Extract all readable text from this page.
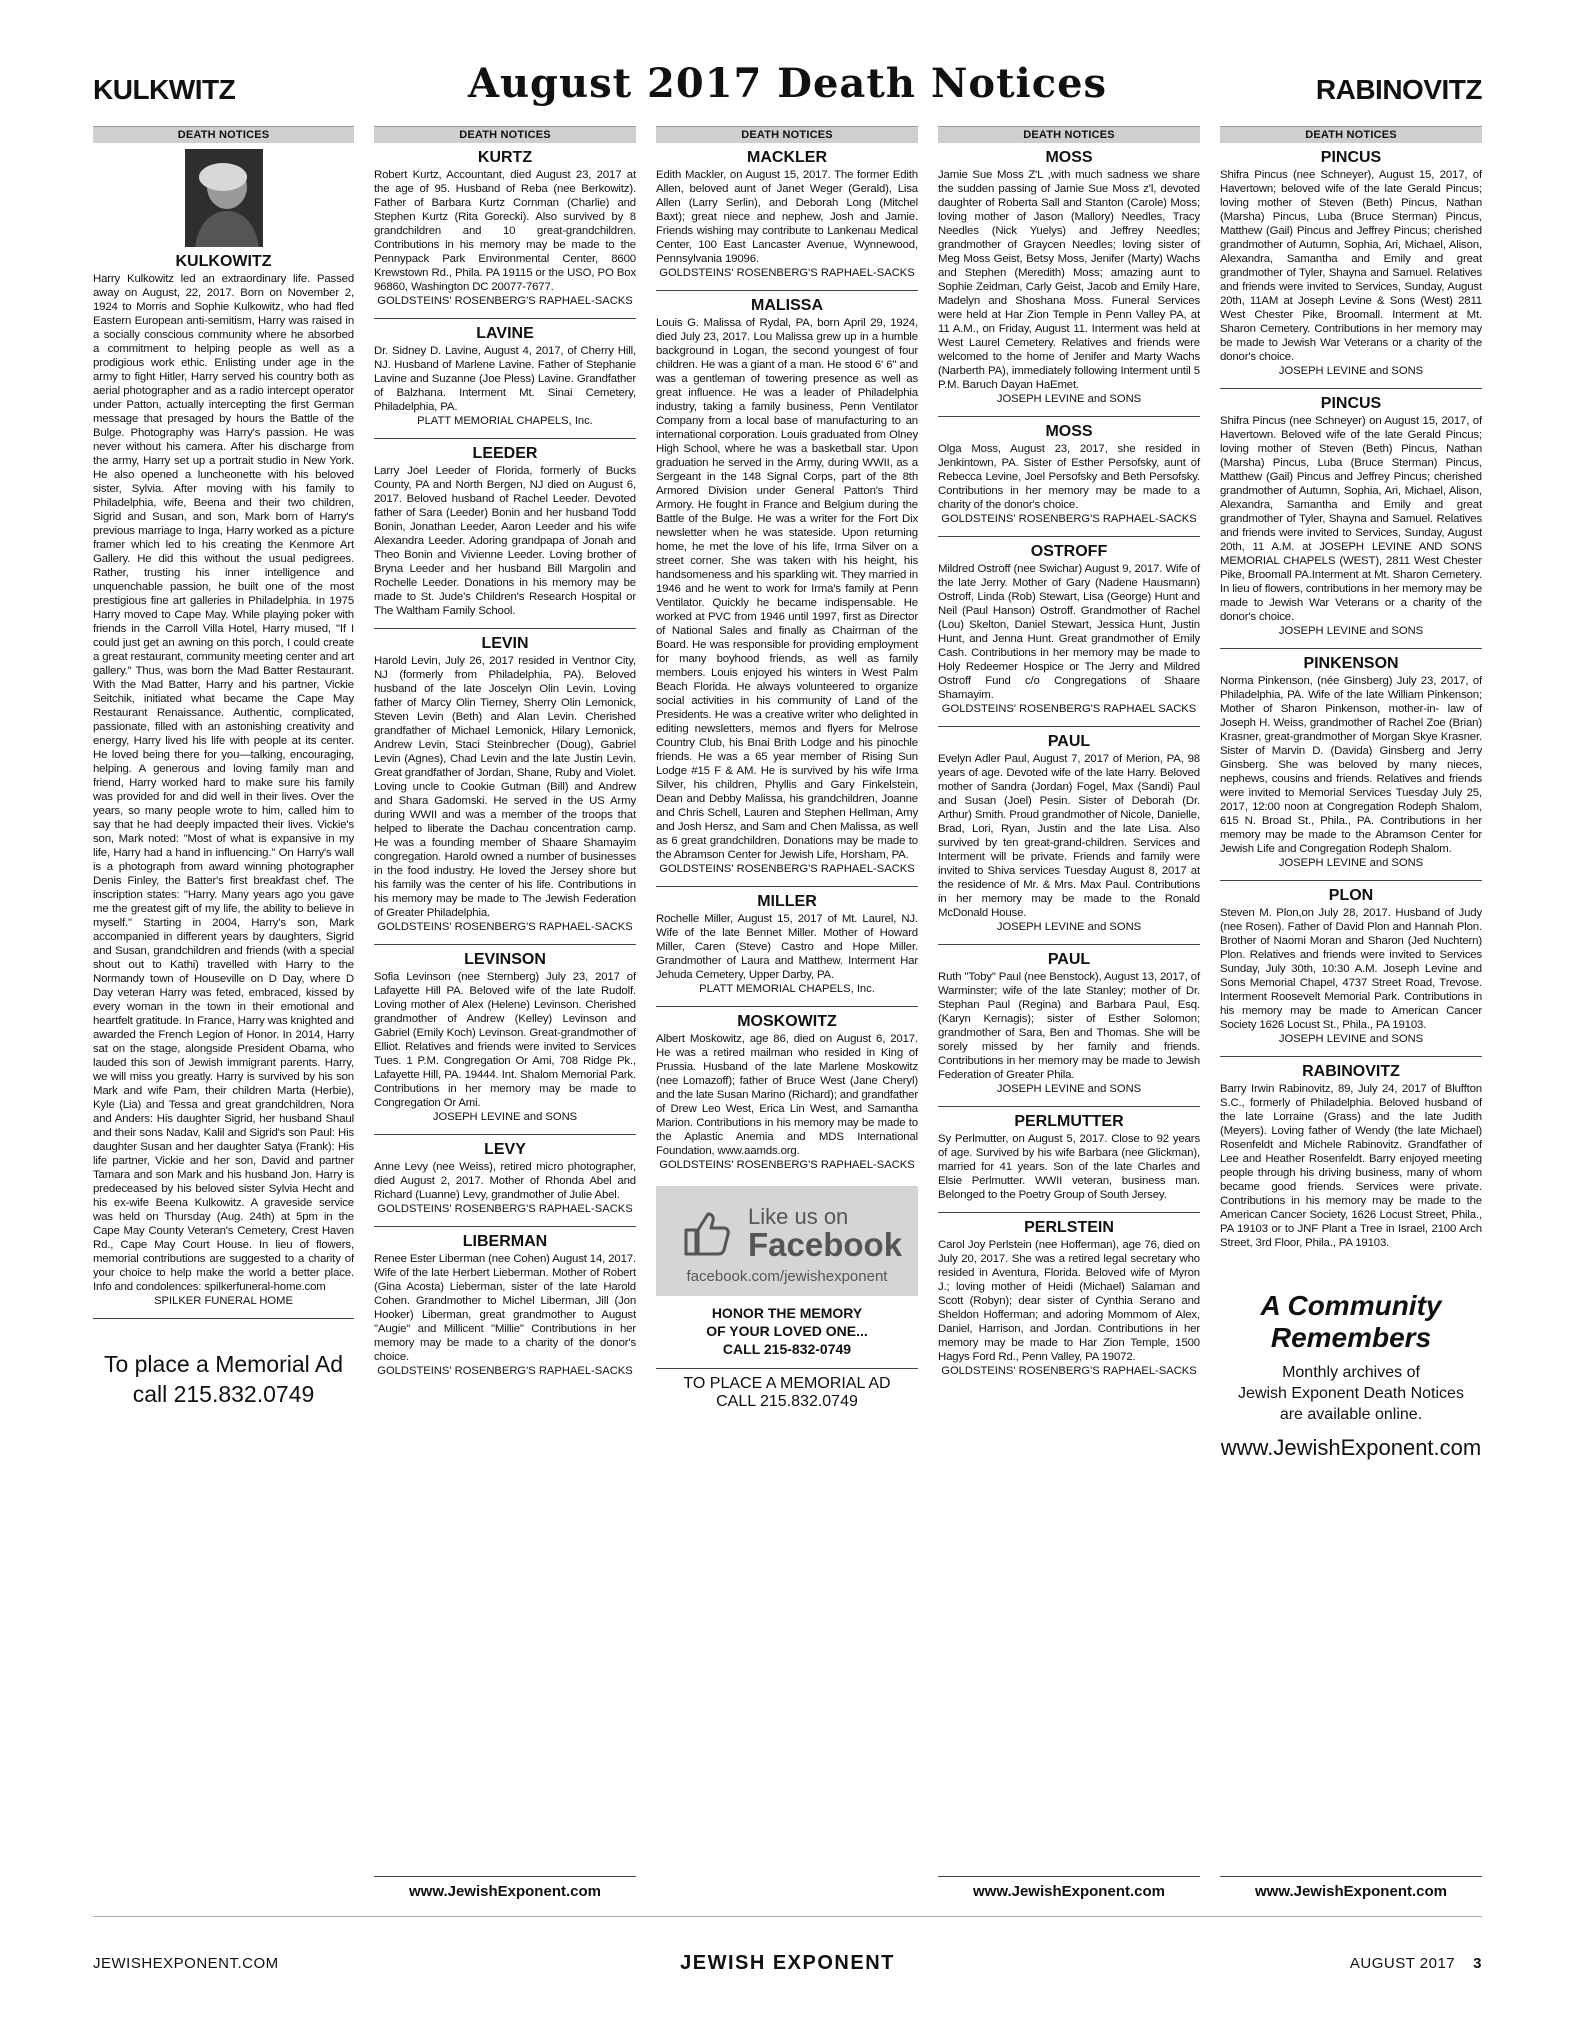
KULKWITZ	August 2017 Death Notices	RABINOVITZ
DEATH NOTICES
KULKOWITZ
Harry Kulkowitz led an extraordinary life. Passed away on August, 22, 2017. Born on November 2, 1924 to Morris and Sophie Kulkowitz, who had fled Eastern European anti-semitism, Harry was raised in a socially conscious community where he absorbed a commitment to helping people as well as a prodigious work ethic. Enlisting under age in the army to fight Hitler, Harry served his country both as aerial photographer and as a radio intercept operator under Patton, actually intercepting the first German message that presaged by hours the Battle of the Bulge. Photography was Harry's passion. He was never without his camera. After his discharge from the army, Harry set up a portrait studio in New York. He also opened a luncheonette with his beloved sister, Sylvia. After moving with his family to Philadelphia, wife, Beena and their two children, Sigrid and Susan, and son, Mark born of Harry's previous marriage to Inga, Harry worked as a picture framer which led to his creating the Kenmore Art Gallery. He did this without the usual pedigrees. Rather, trusting his inner intelligence and unquenchable passion, he built one of the most prestigious fine art galleries in Philadelphia. In 1975 Harry moved to Cape May. While playing poker with friends in the Carroll Villa Hotel, Harry mused, "If I could just get an awning on this porch, I could create a great restaurant, community meeting center and art gallery." Thus, was born the Mad Batter Restaurant. With the Mad Batter, Harry and his partner, Vickie Seitchik, initiated what became the Cape May Restaurant Renaissance. Authentic, complicated, passionate, filled with an astonishing creativity and energy, Harry lived his life with people at its center. He loved being there for you—talking, encouraging, helping. A generous and loving family man and friend, Harry worked hard to make sure his family was provided for and did well in their lives. Over the years, so many people wrote to him, called him to say that he had deeply impacted their lives. Vickie's son, Mark noted: "Most of what is expansive in my life, Harry had a hand in influencing." On Harry's wall is a photograph from award winning photographer Denis Finley, the Batter's first breakfast chef. The inscription states: "Harry. Many years ago you gave me the greatest gift of my life, the ability to believe in myself." Starting in 2004, Harry's son, Mark accompanied in different years by daughters, Sigrid and Susan, grandchildren and friends (with a special shout out to Kathi) travelled with Harry to the Normandy town of Houseville on D Day, where D Day veteran Harry was feted, embraced, kissed by every woman in the town in their emotional and heartfelt gratitude. In France, Harry was knighted and awarded the French Legion of Honor. In 2014, Harry sat on the stage, alongside President Obama, who lauded this son of Jewish immigrant parents. Harry, we will miss you greatly. Harry is survived by his son Mark and wife Pam, their children Marta (Herbie), Kyle (Lia) and Tessa and great grandchildren, Nora and Anders: His daughter Sigrid, her husband Shaul and their sons Nadav, Kalil and Sigrid's son Paul: His daughter Susan and her daughter Satya (Frank): His life partner, Vickie and her son, David and partner Tamara and son Mark and his husband Jon. Harry is predeceased by his beloved sister Sylvia Hecht and his ex-wife Beena Kulkowitz. A graveside service was held on Thursday (Aug. 24th) at 5pm in the Cape May County Veteran's Cemetery, Crest Haven Rd., Cape May Court House. In lieu of flowers, memorial contributions are suggested to a charity of your choice to help make the world a better place. Info and condolences: spilkerfuneral-home.com
SPILKER FUNERAL HOME
To place a Memorial Ad
call 215.832.0749
DEATH NOTICES
KURTZ
Robert Kurtz, Accountant, died August 23, 2017 at the age of 95. Husband of Reba (nee Berkowitz). Father of Barbara Kurtz Cornman (Charlie) and Stephen Kurtz (Rita Gorecki). Also survived by 8 grandchildren and 10 great-grandchildren. Contributions in his memory may be made to the Pennypack Park Environmental Center, 8600 Krewstown Rd., Phila. PA 19115 or the USO, PO Box 96860, Washington DC 20077-7677.
GOLDSTEINS' ROSENBERG'S RAPHAEL-SACKS
LAVINE
Dr. Sidney D. Lavine, August 4, 2017, of Cherry Hill, NJ. Husband of Marlene Lavine. Father of Stephanie Lavine and Suzanne (Joe Pless) Lavine. Grandfather of Balzhana. Interment Mt. Sinai Cemetery, Philadelphia, PA.
PLATT MEMORIAL CHAPELS, Inc.
LEEDER
Larry Joel Leeder of Florida, formerly of Bucks County, PA and North Bergen, NJ died on August 6, 2017. Beloved husband of Rachel Leeder. Devoted father of Sara (Leeder) Bonin and her husband Todd Bonin, Jonathan Leeder, Aaron Leeder and his wife Alexandra Leeder. Adoring grandpapa of Jonah and Theo Bonin and Vivienne Leeder. Loving brother of Bryna Leeder and her husband Bill Margolin and Rochelle Leeder. Donations in his memory may be made to St. Jude's Children's Research Hospital or The Waltham Family School.
LEVIN
Harold Levin, July 26, 2017 resided in Ventnor City, NJ (formerly from Philadelphia, PA). Beloved husband of the late Joscelyn Olin Levin. Loving father of Marcy Olin Tierney, Sherry Olin Lemonick, Steven Levin (Beth) and Alan Levin. Cherished grandfather of Michael Lemonick, Hilary Lemonick, Andrew Levin, Staci Steinbrecher (Doug), Gabriel Levin (Agnes), Chad Levin and the late Justin Levin. Great grandfather of Jordan, Shane, Ruby and Violet. Loving uncle to Cookie Gutman (Bill) and Andrew and Shara Gadomski. He served in the US Army during WWII and was a member of the troops that helped to liberate the Dachau concentration camp. He was a founding member of Shaare Shamayim congregation. Harold owned a number of businesses in the food industry. He loved the Jersey shore but his family was the center of his life. Contributions in his memory may be made to The Jewish Federation of Greater Philadelphia.
GOLDSTEINS' ROSENBERG'S RAPHAEL-SACKS
LEVINSON
Sofia Levinson (nee Sternberg) July 23, 2017 of Lafayette Hill PA. Beloved wife of the late Rudolf. Loving mother of Alex (Helene) Levinson. Cherished grandmother of Andrew (Kelley) Levinson and Gabriel (Emily Koch) Levinson. Great-grandmother of Elliot. Relatives and friends were invited to Services Tues. 1 P.M. Congregation Or Ami, 708 Ridge Pk., Lafayette Hill, PA. 19444. Int. Shalom Memorial Park. Contributions in her memory may be made to Congregation Or Ami.
JOSEPH LEVINE and SONS
LEVY
Anne Levy (nee Weiss), retired micro photographer, died August 2, 2017. Mother of Rhonda Abel and Richard (Luanne) Levy, grandmother of Julie Abel.
GOLDSTEINS' ROSENBERG'S RAPHAEL-SACKS
LIBERMAN
Renee Ester Liberman (nee Cohen) August 14, 2017. Wife of the late Herbert Lieberman. Mother of Robert (Gina Acosta) Lieberman, sister of the late Harold Cohen. Grandmother to Michel Liberman, Jill (Jon Hooker) Liberman, great grandmother to August "Augie" and Millicent "Millie" Contributions in her memory may be made to a charity of the donor's choice.
GOLDSTEINS' ROSENBERG'S RAPHAEL-SACKS
www.JewishExponent.com
DEATH NOTICES
MACKLER
Edith Mackler, on August 15, 2017. The former Edith Allen, beloved aunt of Janet Weger (Gerald), Lisa Allen (Larry Serlin), and Deborah Long (Mitchel Baxt); great niece and nephew, Josh and Jamie. Friends wishing may contribute to Lankenau Medical Center, 100 East Lancaster Avenue, Wynnewood, Pennsylvania 19096.
GOLDSTEINS' ROSENBERG'S RAPHAEL-SACKS
MALISSA
Louis G. Malissa of Rydal, PA, born April 29, 1924, died July 23, 2017. Lou Malissa grew up in a humble background in Logan, the second youngest of four children. He was a giant of a man. He stood 6' 6" and was a gentleman of towering presence as well as great influence. He was a leader of Philadelphia industry, taking a family business, Penn Ventilator Company from a local base of manufacturing to an international corporation. Louis graduated from Olney High School, where he was a basketball star. Upon graduation he served in the Army, during WWII, as a Sergeant in the 148 Signal Corps, part of the 8th Armored Division under General Patton's Third Armory. He fought in France and Belgium during the Battle of the Bulge. He was a writer for the Fort Dix newsletter when he was stateside. Upon returning home, he met the love of his life, Irma Silver on a street corner. She was taken with his height, his handsomeness and his sparkling wit. They married in 1946 and he went to work for Irma's family at Penn Ventilator. Quickly he became indispensable. He worked at PVC from 1946 until 1997, first as Director of National Sales and finally as Chairman of the Board. He was responsible for providing employment for many boyhood friends, as well as family members. Louis enjoyed his winters in West Palm Beach Florida. He always volunteered to organize social activities in his community of Land of the Presidents. He was a creative writer who delighted in editing newsletters, memos and flyers for Melrose Country Club, his Bnai Brith Lodge and his pinochle friends. He was a 65 year member of Rising Sun Lodge #15 F & AM. He is survived by his wife Irma Silver, his children, Phyllis and Gary Finkelstein, Dean and Debby Malissa, his grandchildren, Joanne and Chris Schell, Lauren and Stephen Hellman, Amy and Josh Hersz, and Sam and Chen Malissa, as well as 6 great grandchildren. Donations may be made to the Abramson Center for Jewish Life, Horsham, PA.
GOLDSTEINS' ROSENBERG'S RAPHAEL-SACKS
MILLER
Rochelle Miller, August 15, 2017 of Mt. Laurel, NJ. Wife of the late Bennet Miller. Mother of Howard Miller, Caren (Steve) Castro and Hope Miller. Grandmother of Laura and Matthew. Interment Har Jehuda Cemetery, Upper Darby, PA.
PLATT MEMORIAL CHAPELS, Inc.
MOSKOWITZ
Albert Moskowitz, age 86, died on August 6, 2017. He was a retired mailman who resided in King of Prussia. Husband of the late Marlene Moskowitz (nee Lomazoff); father of Bruce West (Jane Cheryl) and the late Susan Marino (Richard); and grandfather of Drew Leo West, Erica Lin West, and Samantha Marion. Contributions in his memory may be made to the Aplastic Anemia and MDS International Foundation, www.aamds.org.
GOLDSTEINS' ROSENBERG'S RAPHAEL-SACKS
Like us on
Facebook
facebook.com/jewishexponent
HONOR THE MEMORY
OF YOUR LOVED ONE...
CALL 215-832-0749
TO PLACE A MEMORIAL AD
CALL 215.832.0749
DEATH NOTICES
MOSS
Jamie Sue Moss Z'L ,with much sadness we share the sudden passing of Jamie Sue Moss z'l, devoted daughter of Roberta Sall and Stanton (Carole) Moss; loving mother of Jason (Mallory) Needles, Tracy Needles (Nick Yuelys) and Jeffrey Needles; grandmother of Graycen Needles; loving sister of Meg Moss Geist, Betsy Moss, Jenifer (Marty) Wachs and Stephen (Meredith) Moss; amazing aunt to Sophie Zeidman, Carly Geist, Jacob and Emily Hare, Madelyn and Shoshana Moss. Funeral Services were held at Har Zion Temple in Penn Valley PA, at 11 A.M., on Friday, August 11. Interment was held at West Laurel Cemetery. Relatives and friends were welcomed to the home of Jenifer and Marty Wachs (Narberth PA), immediately following Interment until 5 P.M. Baruch Dayan HaEmet.
JOSEPH LEVINE and SONS
MOSS
Olga Moss, August 23, 2017, she resided in Jenkintown, PA. Sister of Esther Persofsky, aunt of Rebecca Levine, Joel Persofsky and Beth Persofsky. Contributions in her memory may be made to a charity of the donor's choice.
GOLDSTEINS' ROSENBERG'S RAPHAEL-SACKS
OSTROFF
Mildred Ostroff (nee Swichar) August 9, 2017. Wife of the late Jerry. Mother of Gary (Nadene Hausmann) Ostroff, Linda (Rob) Stewart, Lisa (George) Hunt and Neil (Paul Hanson) Ostroff. Grandmother of Rachel (Lou) Skelton, Daniel Stewart, Jessica Hunt, Justin Hunt, and Jenna Hunt. Great grandmother of Emily Cash. Contributions in her memory may be made to Holy Redeemer Hospice or The Jerry and Mildred Ostroff Fund c/o Congregations of Shaare Shamayim.
GOLDSTEINS' ROSENBERG'S RAPHAEL SACKS
PAUL
Evelyn Adler Paul, August 7, 2017 of Merion, PA, 98 years of age. Devoted wife of the late Harry. Beloved mother of Sandra (Jordan) Fogel, Max (Sandi) Paul and Susan (Joel) Pesin. Sister of Deborah (Dr. Arthur) Smith. Proud grandmother of Nicole, Danielle, Brad, Lori, Ryan, Justin and the late Lisa. Also survived by ten great-grand-children. Services and Interment will be private. Friends and family were invited to Shiva services Tuesday August 8, 2017 at the residence of Mr. & Mrs. Max Paul. Contributions in her memory may be made to the Ronald McDonald House.
JOSEPH LEVINE and SONS
PAUL
Ruth "Toby" Paul (nee Benstock), August 13, 2017, of Warminster; wife of the late Stanley; mother of Dr. Stephan Paul (Regina) and Barbara Paul, Esq. (Karyn Kernagis); sister of Esther Solomon; grandmother of Sara, Ben and Thomas. She will be sorely missed by her family and friends. Contributions in her memory may be made to Jewish Federation of Greater Phila.
JOSEPH LEVINE and SONS
PERLMUTTER
Sy Perlmutter, on August 5, 2017. Close to 92 years of age. Survived by his wife Barbara (nee Glickman), married for 41 years. Son of the late Charles and Elsie Perlmutter. WWII veteran, business man. Belonged to the Poetry Group of South Jersey.
PERLSTEIN
Carol Joy Perlstein (nee Hofferman), age 76, died on July 20, 2017. She was a retired legal secretary who resided in Aventura, Florida. Beloved wife of Myron J.; loving mother of Heidi (Michael) Salaman and Scott (Robyn); dear sister of Cynthia Serano and Sheldon Hofferman; and adoring Mommom of Alex, Daniel, Harrison, and Jordan. Contributions in her memory may be made to Har Zion Temple, 1500 Hagys Ford Rd., Penn Valley, PA 19072.
GOLDSTEINS' ROSENBERG'S RAPHAEL-SACKS
www.JewishExponent.com
DEATH NOTICES
PINCUS
Shifra Pincus (nee Schneyer), August 15, 2017, of Havertown; beloved wife of the late Gerald Pincus; loving mother of Steven (Beth) Pincus, Nathan (Marsha) Pincus, Luba (Bruce Sterman) Pincus, Matthew (Gail) Pincus and Jeffrey Pincus; cherished grandmother of Autumn, Sophia, Ari, Michael, Alison, Alexandra, Samantha and Emily and great grandmother of Tyler, Shayna and Samuel. Relatives and friends were invited to Services, Sunday, August 20th, 11AM at Joseph Levine & Sons (West) 2811 West Chester Pike, Broomall. Interment at Mt. Sharon Cemetery. Contributions in her memory may be made to Jewish War Veterans or a charity of the donor's choice.
JOSEPH LEVINE and SONS
PINCUS
Shifra Pincus (nee Schneyer) on August 15, 2017, of Havertown. Beloved wife of the late Gerald Pincus; loving mother of Steven (Beth) Pincus, Nathan (Marsha) Pincus, Luba (Bruce Sterman) Pincus, Matthew (Gail) Pincus and Jeffrey Pincus; cherished grandmother of Autumn, Sophia, Ari, Michael, Alison, Alexandra, Samantha and Emily and great grandmother of Tyler, Shayna and Samuel. Relatives and friends were invited to Services, Sunday, August 20th, 11 A.M. at JOSEPH LEVINE AND SONS MEMORIAL CHAPELS (WEST), 2811 West Chester Pike, Broomall PA.Interment at Mt. Sharon Cemetery. In lieu of flowers, contributions in her memory may be made to Jewish War Veterans or a charity of the donor's choice.
JOSEPH LEVINE and SONS
PINKENSON
Norma Pinkenson, (née Ginsberg) July 23, 2017, of Philadelphia, PA. Wife of the late William Pinkenson; Mother of Sharon Pinkenson, mother-in- law of Joseph H. Weiss, grandmother of Rachel Zoe (Brian) Krasner, great-grandmother of Morgan Skye Krasner. Sister of Marvin D. (Davida) Ginsberg and Jerry Ginsberg. She was beloved by many nieces, nephews, cousins and friends. Relatives and friends were invited to Memorial Services Tuesday July 25, 2017, 12:00 noon at Congregation Rodeph Shalom, 615 N. Broad St., Phila., PA. Contributions in her memory may be made to the Abramson Center for Jewish Life and Congregation Rodeph Shalom.
JOSEPH LEVINE and SONS
PLON
Steven M. Plon,on July 28, 2017. Husband of Judy (nee Rosen). Father of David Plon and Hannah Plon. Brother of Naomi Moran and Sharon (Jed Nuchtern) Plon. Relatives and friends were invited to Services Sunday, July 30th, 10:30 A.M. Joseph Levine and Sons Memorial Chapel, 4737 Street Road, Trevose. Interment Roosevelt Memorial Park. Contributions in his memory may be made to American Cancer Society 1626 Locust St., Phila., PA 19103.
JOSEPH LEVINE and SONS
RABINOVITZ
Barry Irwin Rabinovitz, 89, July 24, 2017 of Bluffton S.C., formerly of Philadelphia. Beloved husband of the late Lorraine (Grass) and the late Judith (Meyers). Loving father of Wendy (the late Michael) Rosenfeldt and Michele Rabinovitz. Grandfather of Lee and Heather Rosenfeldt. Barry enjoyed meeting people through his driving business, many of whom became good friends. Services were private. Contributions in his memory may be made to the American Cancer Society, 1626 Locust Street, Phila., PA 19103 or to JNF Plant a Tree in Israel, 2100 Arch Street, 3rd Floor, Phila., PA 19103.
A Community
Remembers
Monthly archives of
Jewish Exponent Death Notices
are available online.
www.JewishExponent.com
www.JewishExponent.com
JEWISHEXPONENT.COM	JEWISH EXPONENT	AUGUST 2017 3
